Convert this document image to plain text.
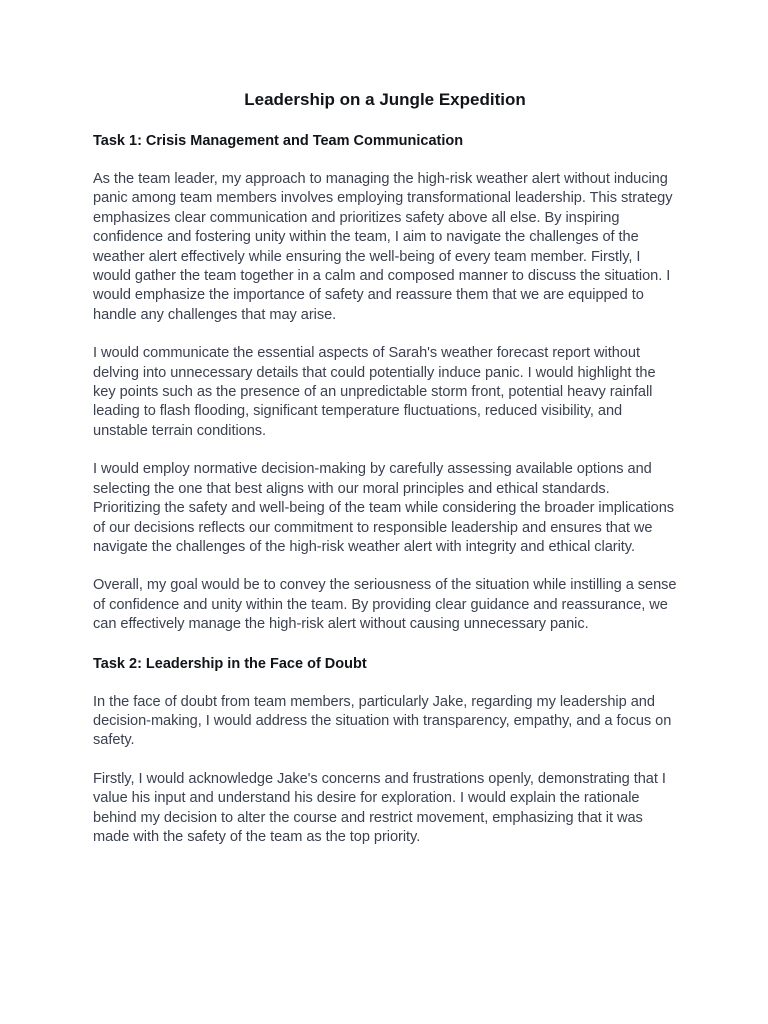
Leadership on a Jungle Expedition
Task 1: Crisis Management and Team Communication

As the team leader, my approach to managing the high-risk weather alert without inducing panic among team members involves employing transformational leadership. This strategy emphasizes clear communication and prioritizes safety above all else. By inspiring confidence and fostering unity within the team, I aim to navigate the challenges of the weather alert effectively while ensuring the well-being of every team member. Firstly, I would gather the team together in a calm and composed manner to discuss the situation. I would emphasize the importance of safety and reassure them that we are equipped to handle any challenges that may arise.

I would communicate the essential aspects of Sarah's weather forecast report without delving into unnecessary details that could potentially induce panic. I would highlight the key points such as the presence of an unpredictable storm front, potential heavy rainfall leading to flash flooding, significant temperature fluctuations, reduced visibility, and unstable terrain conditions.

I would employ normative decision-making by carefully assessing available options and selecting the one that best aligns with our moral principles and ethical standards. Prioritizing the safety and well-being of the team while considering the broader implications of our decisions reflects our commitment to responsible leadership and ensures that we navigate the challenges of the high-risk weather alert with integrity and ethical clarity.

Overall, my goal would be to convey the seriousness of the situation while instilling a sense of confidence and unity within the team. By providing clear guidance and reassurance, we can effectively manage the high-risk alert without causing unnecessary panic.

Task 2: Leadership in the Face of Doubt

In the face of doubt from team members, particularly Jake, regarding my leadership and decision-making, I would address the situation with transparency, empathy, and a focus on safety.

Firstly, I would acknowledge Jake's concerns and frustrations openly, demonstrating that I value his input and understand his desire for exploration. I would explain the rationale behind my decision to alter the course and restrict movement, emphasizing that it was made with the safety of the team as the top priority.
